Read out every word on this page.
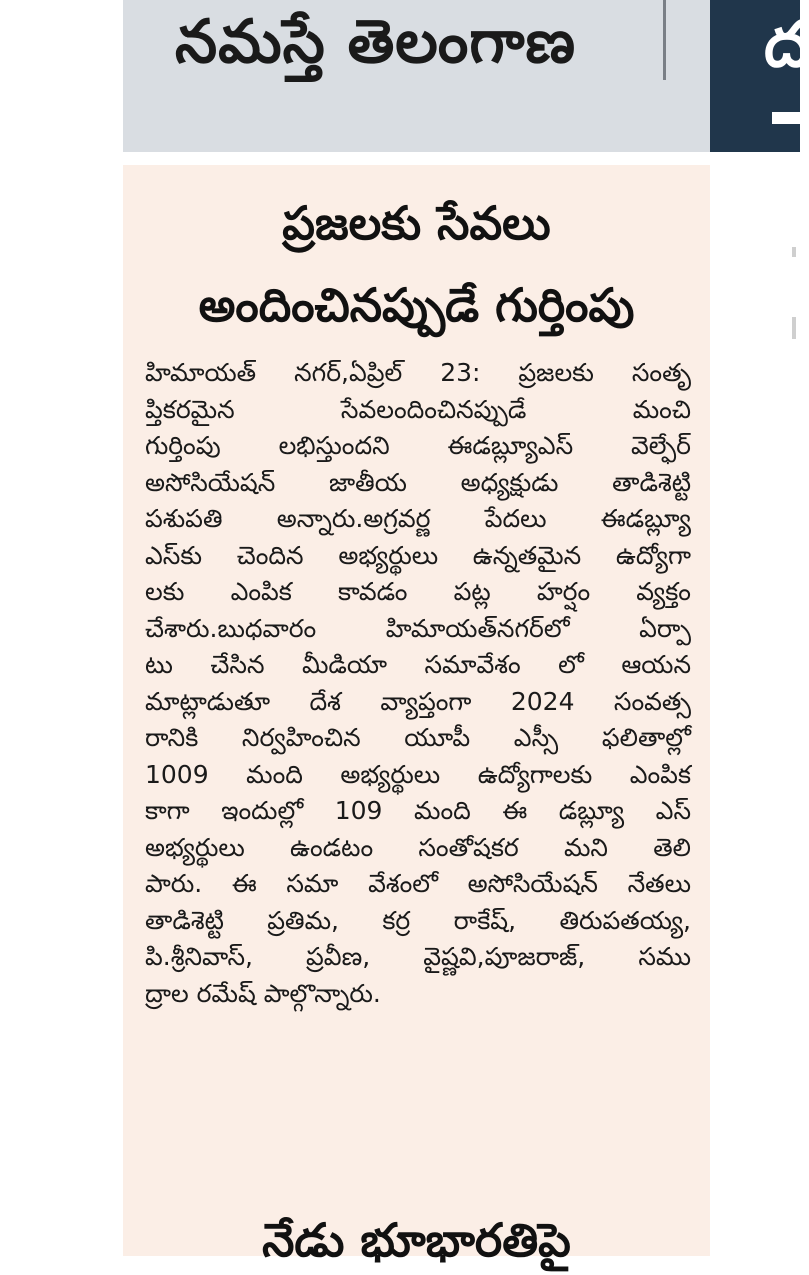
నమస్తే తెలంగాణ	ద
ప్రజలకు సేవలు
అందించినప్పుడే గుర్తింపు
హిమాయత్ నగర్,ఏప్రిల్ 23: ప్రజలకు సంతృ
ప్తికరమైన సేవలందించినప్పుడే మంచి
గుర్తింపు లభిస్తుందని ఈడబ్ల్యూఎస్ వెల్ఫేర్
అసోసియేషన్ జాతీయ అధ్యక్షుడు తాడిశెట్టి
పశుపతి అన్నారు.అగ్రవర్ణ పేదలు ఈడబ్ల్యూ
ఎస్‌కు చెందిన అభ్యర్థులు ఉన్నతమైన ఉద్యోగా
లకు ఎంపిక కావడం పట్ల హర్షం వ్యక్తం
చేశారు.బుధవారం హిమాయత్‌నగర్‌లో ఏర్పా
టు చేసిన మీడియా సమావేశం లో ఆయన
మాట్లాడుతూ దేశ వ్యాప్తంగా 2024 సంవత్స
రానికి నిర్వహించిన యూపీ ఎస్సీ ఫలితాల్లో
1009 మంది అభ్యర్థులు ఉద్యోగాలకు ఎంపిక
కాగా ఇందుల్లో 109 మంది ఈ డబ్ల్యూ ఎస్
అభ్యర్థులు ఉండటం సంతోషకర మని తెలి
పారు. ఈ సమా వేశంలో అసోసియేషన్ నేతలు
తాడిశెట్టి ప్రతిమ, కర్ర రాకేష్, తిరుపతయ్య,
పి.శ్రీనివాస్, ప్రవీణ, వైష్ణవి,పూజరాజ్, సము
ద్రాల రమేష్ పాల్గొన్నారు.
నేడు భూభారతిపై
